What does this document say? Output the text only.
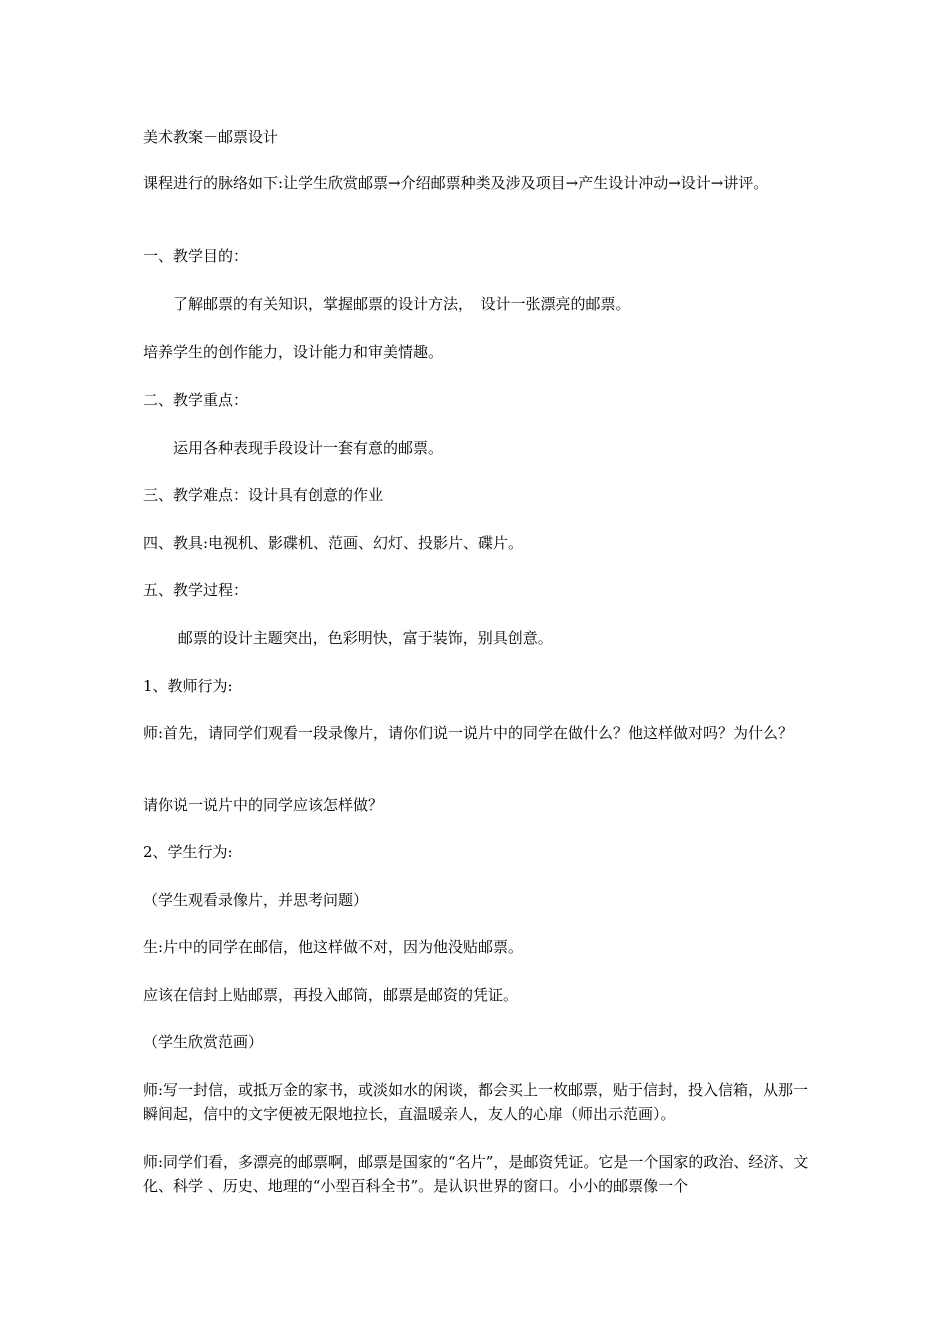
美术教案－邮票设计

课程进行的脉络如下:让学生欣赏邮票→介绍邮票种类及涉及项目→产生设计冲动→设计→讲评。

一、教学目的：

　　了解邮票的有关知识，掌握邮票的设计方法，　设计一张漂亮的邮票。

培养学生的创作能力，设计能力和审美情趣。

二、教学重点：

　　运用各种表现手段设计一套有意的邮票。

三、教学难点：设计具有创意的作业

四、教具:电视机、影碟机、范画、幻灯、投影片、碟片。

五、教学过程：

　　 邮票的设计主题突出，色彩明快，富于装饰，别具创意。

1、教师行为:

师:首先，请同学们观看一段录像片，请你们说一说片中的同学在做什么？他这样做对吗？为什么？

请你说一说片中的同学应该怎样做？

2、学生行为:

（学生观看录像片，并思考问题）

生:片中的同学在邮信，他这样做不对，因为他没贴邮票。

应该在信封上贴邮票，再投入邮筒，邮票是邮资的凭证。

（学生欣赏范画）

师:写一封信，或抵万金的家书，或淡如水的闲谈，都会买上一枚邮票，贴于信封，投入信箱，从那一瞬间起，信中的文字便被无限地拉长，直温暖亲人，友人的心扉（师出示范画）。

师:同学们看，多漂亮的邮票啊，邮票是国家的“名片”，是邮资凭证。它是一个国家的政治、经济、文化、科学 、历史、地理的“小型百科全书”。是认识世界的窗口。小小的邮票像一个
